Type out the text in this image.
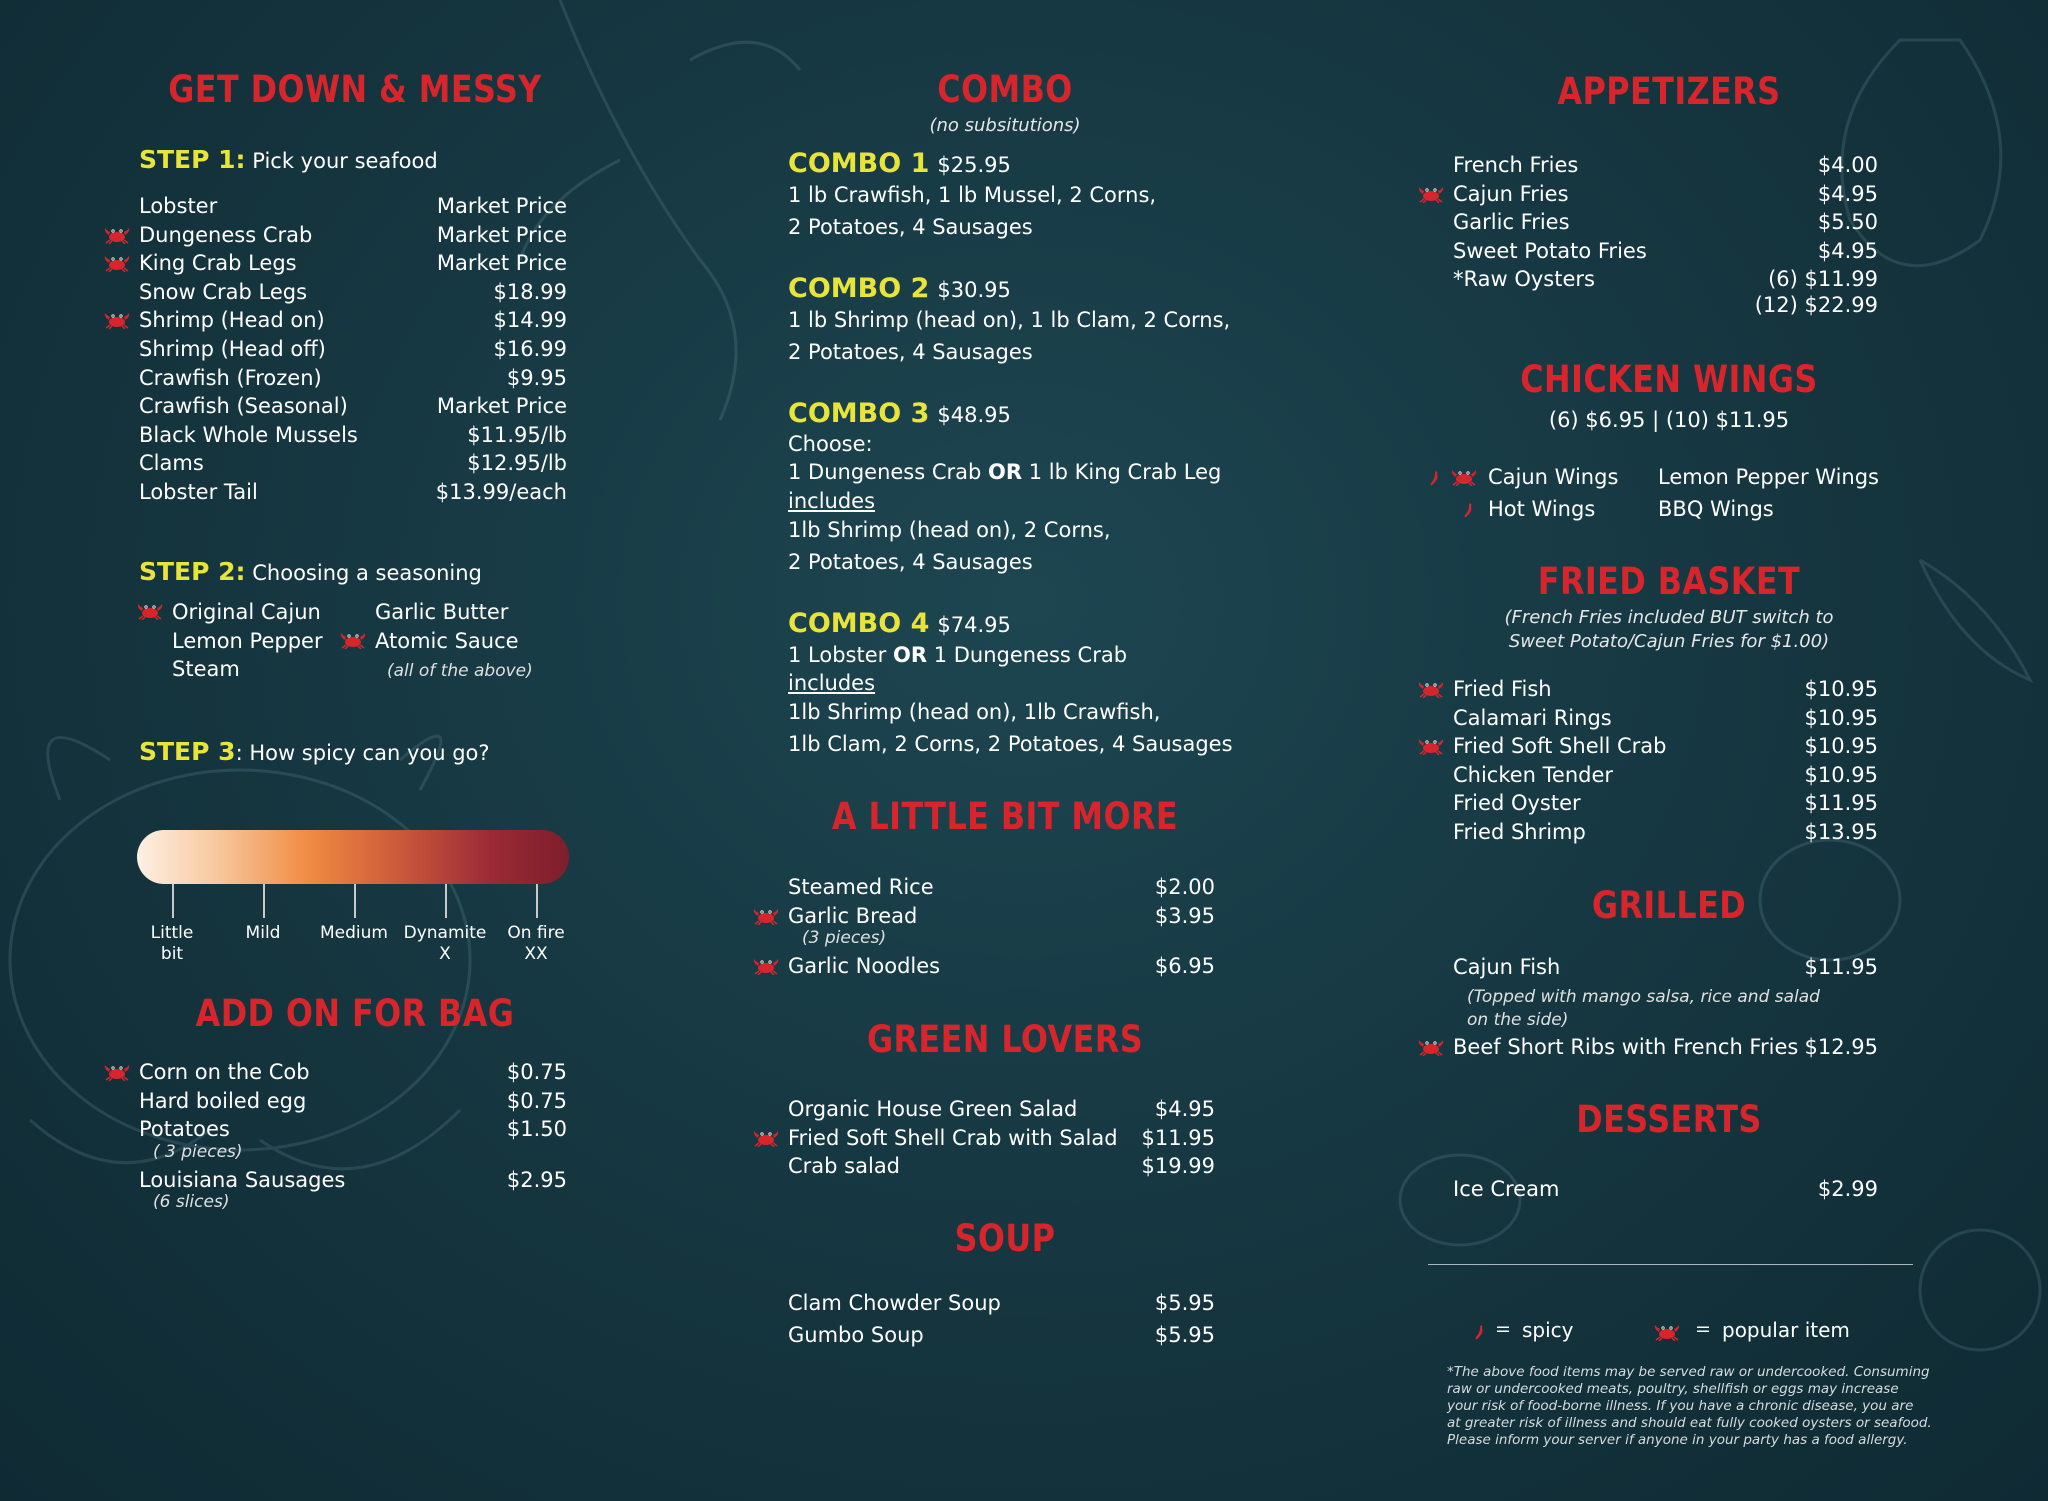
GET DOWN & MESSY
STEP 1: Pick your seafood
Lobster	Market Price
Dungeness Crab	Market Price
King Crab Legs	Market Price
Snow Crab Legs	$18.99
Shrimp (Head on)	$14.99
Shrimp (Head off)	$16.99
Crawfish (Frozen)	$9.95
Crawfish (Seasonal)	Market Price
Black Whole Mussels	$11.95/lb
Clams	$12.95/lb
Lobster Tail	$13.99/each
STEP 2: Choosing a seasoning
Original Cajun
Lemon Pepper
Steam
Garlic Butter
Atomic Sauce
(all of the above)
STEP 3: How spicy can you go?
Little
bit
Mild	Medium Dynamite
X
On fire
XX
ADD ON FOR BAG
Corn on the Cob	$0.75
Hard boiled egg	$0.75
Potatoes	$1.50
( 3 pieces)
Louisiana Sausages	$2.95
(6 slices)
COMBO
(no subsitutions)
COMBO 1 $25.95
1 lb Crawfish, 1 lb Mussel, 2 Corns,
2 Potatoes, 4 Sausages
COMBO 2 $30.95
1 lb Shrimp (head on), 1 lb Clam, 2 Corns,
2 Potatoes, 4 Sausages
COMBO 3 $48.95
Choose:
1 Dungeness Crab OR 1 lb King Crab Leg
includes
1lb Shrimp (head on), 2 Corns,
2 Potatoes, 4 Sausages
COMBO 4 $74.95
1 Lobster OR 1 Dungeness Crab
includes
1lb Shrimp (head on), 1lb Crawfish,
1lb Clam, 2 Corns, 2 Potatoes, 4 Sausages
A LITTLE BIT MORE
Steamed Rice	$2.00
Garlic Bread	$3.95
(3 pieces)
Garlic Noodles	$6.95
GREEN LOVERS
Organic House Green Salad	$4.95
Fried Soft Shell Crab with Salad $11.95
Crab salad	$19.99
SOUP
Clam Chowder Soup	$5.95
Gumbo Soup	$5.95
APPETIZERS
French Fries	$4.00
Cajun Fries	$4.95
Garlic Fries	$5.50
Sweet Potato Fries	$4.95
*Raw Oysters	(6) $11.99
(12) $22.99
CHICKEN WINGS
(6) $6.95 | (10) $11.95
Cajun Wings
Hot Wings
Lemon Pepper Wings
BBQ Wings
FRIED BASKET
(French Fries included BUT switch to
Sweet Potato/Cajun Fries for $1.00)
Fried Fish	$10.95
Calamari Rings	$10.95
Fried Soft Shell Crab	$10.95
Chicken Tender	$10.95
Fried Oyster	$11.95
Fried Shrimp	$13.95
GRILLED
Cajun Fish	$11.95
(Topped with mango salsa, rice and salad
on the side)
Beef Short Ribs with French Fries $12.95
DESSERTS
Ice Cream	$2.99
= spicy	= popular item
*The above food items may be served raw or undercooked. Consuming
raw or undercooked meats, poultry, shellfish or eggs may increase
your risk of food-borne illness. If you have a chronic disease, you are
at greater risk of illness and should eat fully cooked oysters or seafood.
Please inform your server if anyone in your party has a food allergy.
